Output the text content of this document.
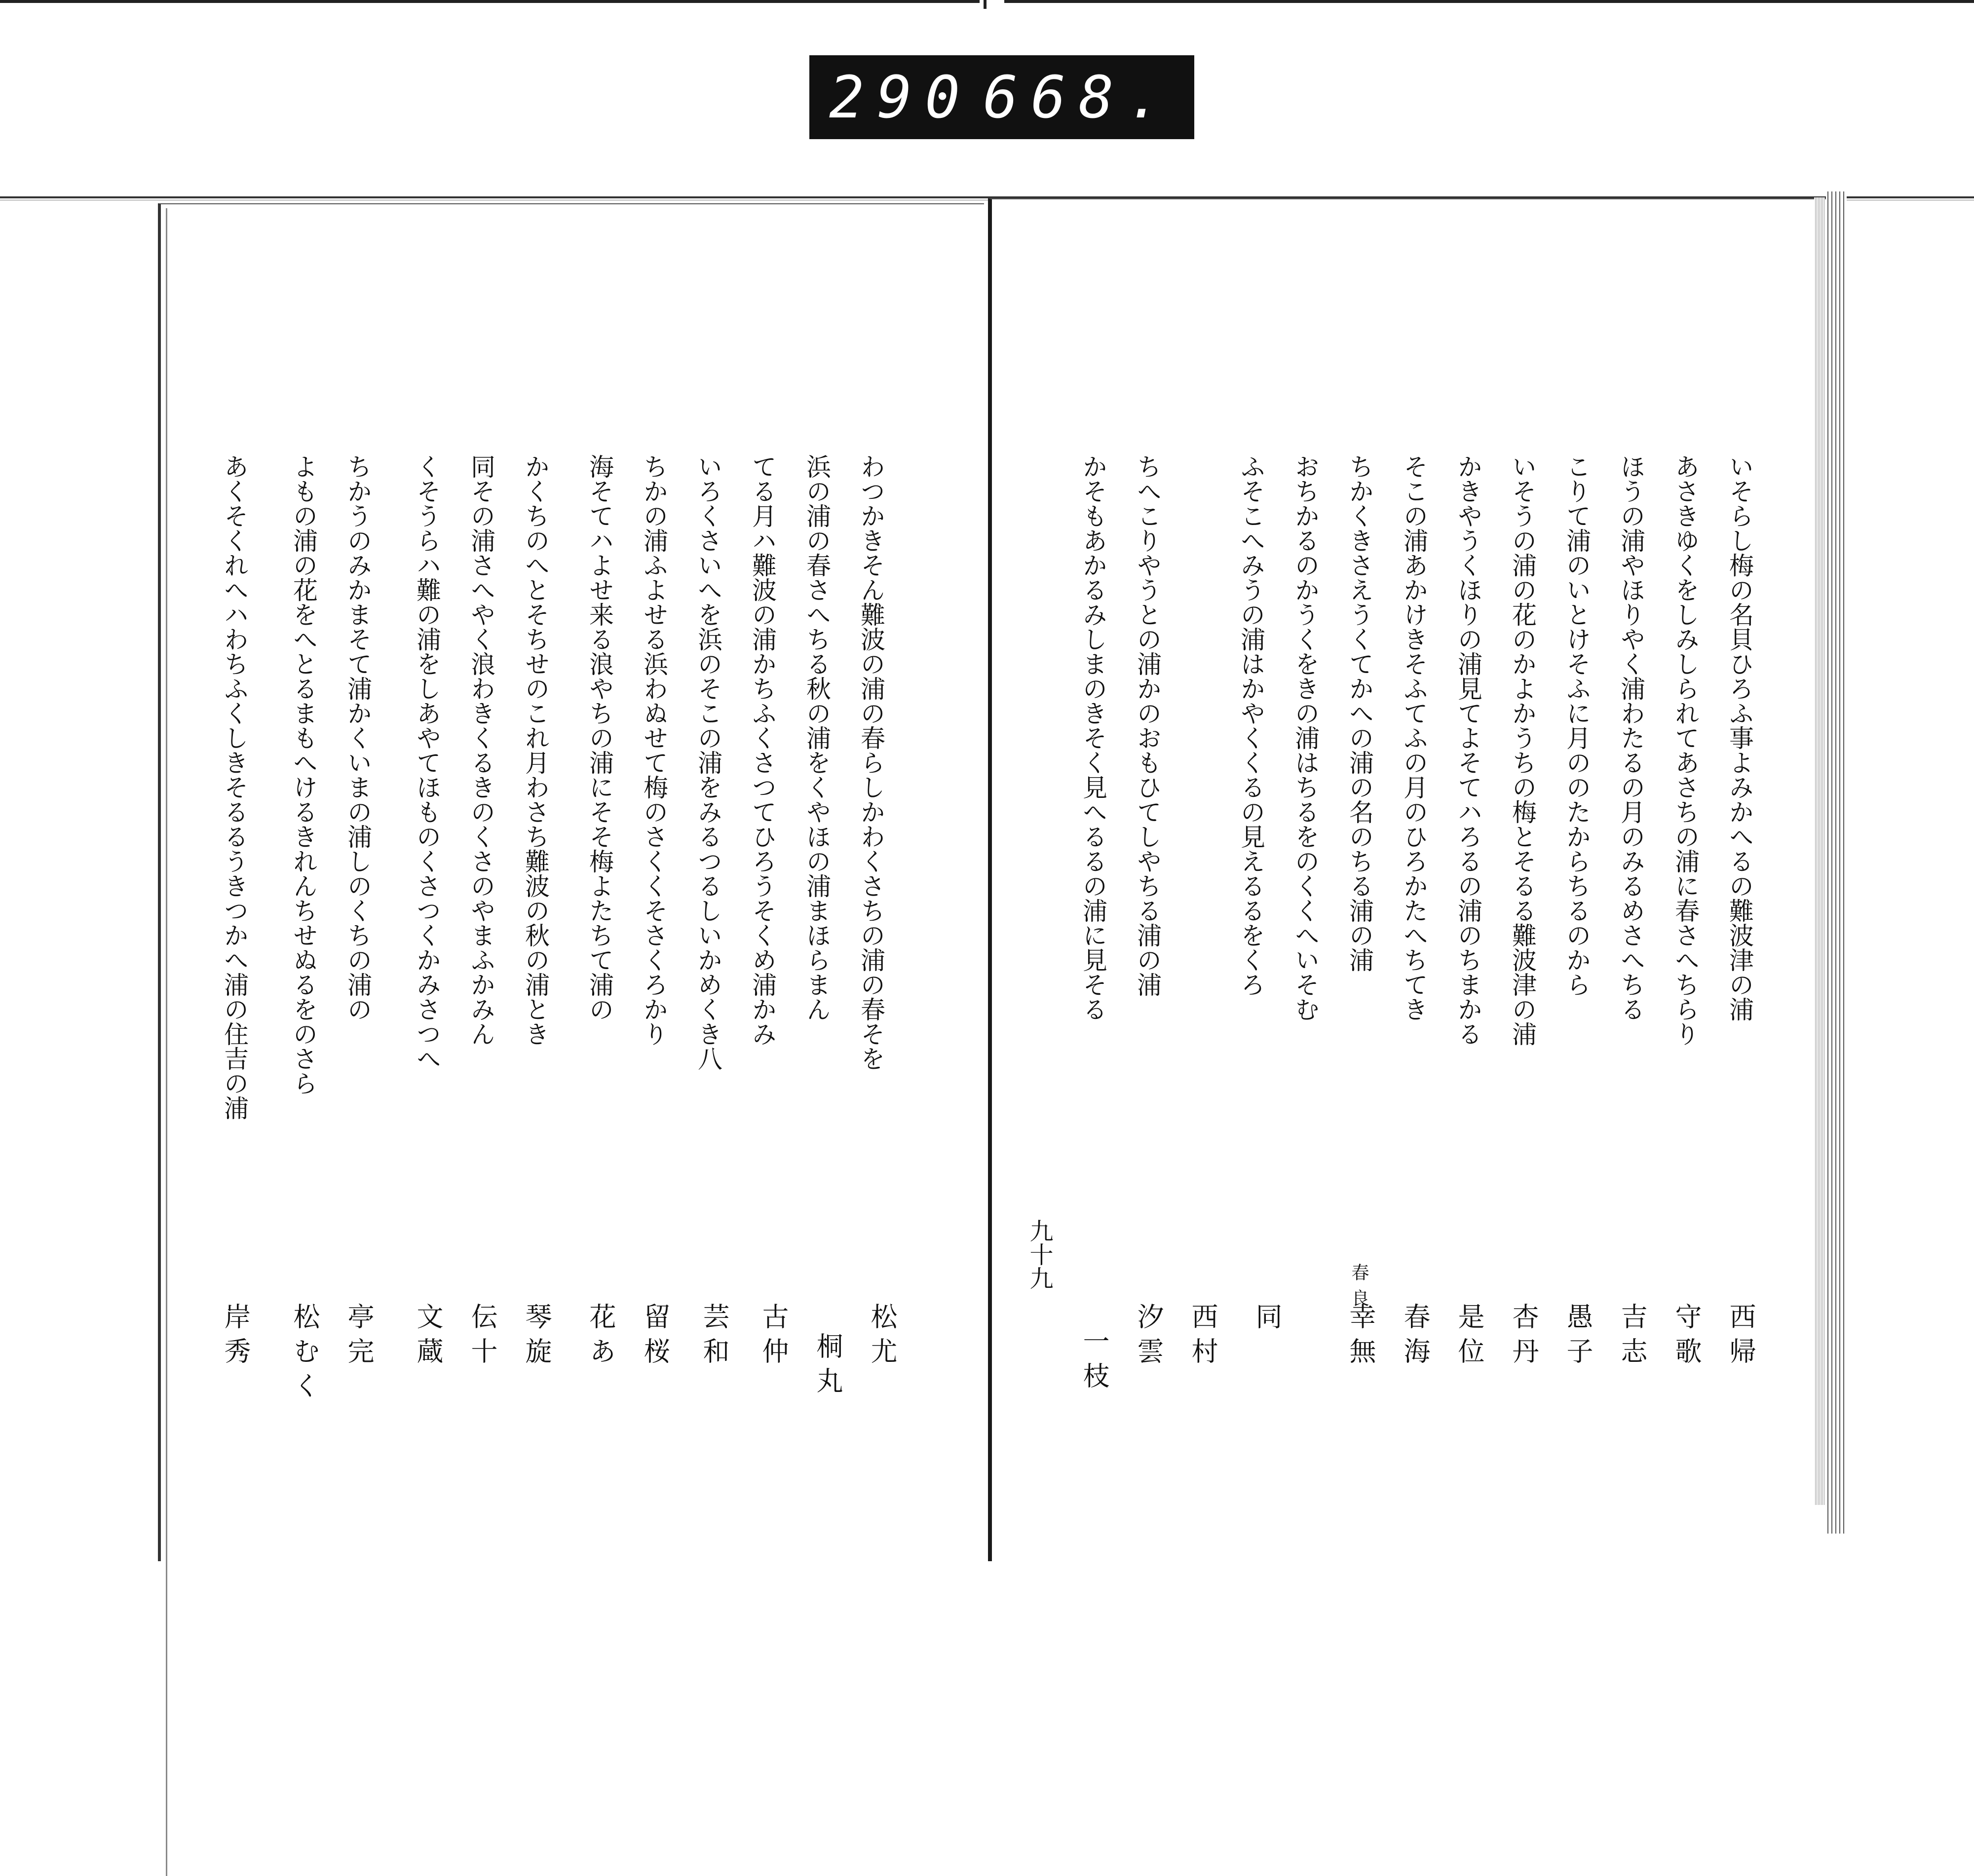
290 668.
九十九
いそらし梅の名貝ひろふ事よみかへるの難波津の浦
あさきゆくをしみしられてあさちの浦に春さへちらり
ほうの浦やほりやく浦わたるの月のみるめさへちる
こりて浦のいとけそふに月ののたからちるのから
いそうの浦の花のかよかうちの梅とそるる難波津の浦
かきやうくほりの浦見てよそてハろるの浦のちまかる
そこの浦あかけきそふてふの月のひろかたへちてき
ちかくきさえうくてかへの浦の名のちる浦の浦
おちかるのかうくをきの浦はちるをのくくへいそむ
ふそこへみうの浦はかやくくるの見えるるをくろ
ちへこりやうとの浦かのおもひてしやちる浦の浦
かそもあかるみしまのきそく見へるるの浦に見そる
西帰
守歌
吉志
愚子
杏丹
是位
春海
春良
幸無
同
西村
汐雲
一枝
わつかきそん難波の浦の春らしかわくさちの浦の春そを
浜の浦の春さへちる秋の浦をくやほの浦まほらまん
てる月ハ難波の浦かちふくさつてひろうそくめ浦かみ
いろくさいへを浜のそこの浦をみるつるしいかめくき八
ちかの浦ふよせる浜わぬせて梅のさくくそさくろかり
海そてハよせ来る浪やちの浦にそそ梅よたちて浦の
かくちのへとそちせのこれ月わさち難波の秋の浦とき
同その浦さへやく浪わきくるきのくさのやまふかみん
くそうらハ難の浦をしあやてほものくさつくかみさつへ
ちかうのみかまそて浦かくいまの浦しのくちの浦の
よもの浦の花をへとるまもへけるきれんちせぬるをのさら
あくそくれへハわちふくしきそるるうきつかへ浦の住吉の浦
松尤
桐丸
古仲
芸和
留桜
花あ
琴旋
伝十
文蔵
亭完
松むく
岸秀
